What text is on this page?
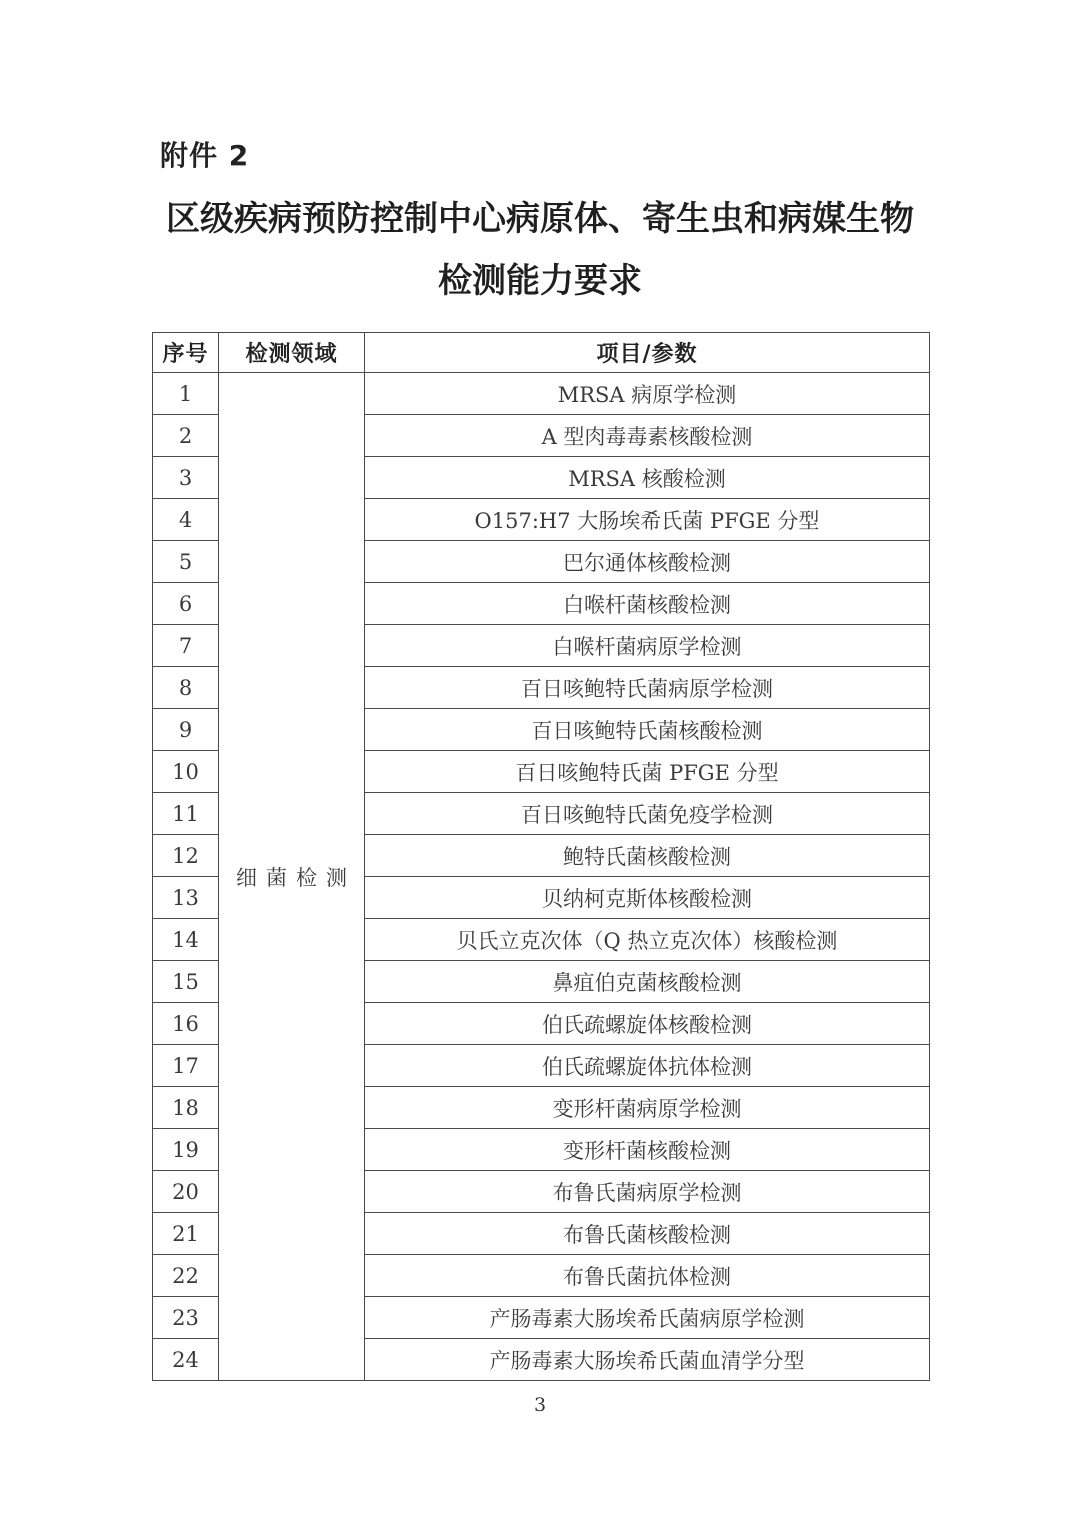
附件 2
区级疾病预防控制中心病原体、寄生虫和病媒生物
检测能力要求
序号	检测领域	项目/参数
1	细菌检测	MRSA 病原学检测
2		A 型肉毒毒素核酸检测
3		MRSA 核酸检测
4		O157:H7 大肠埃希氏菌 PFGE 分型
5		巴尔通体核酸检测
6		白喉杆菌核酸检测
7		白喉杆菌病原学检测
8		百日咳鲍特氏菌病原学检测
9		百日咳鲍特氏菌核酸检测
10		百日咳鲍特氏菌 PFGE 分型
11		百日咳鲍特氏菌免疫学检测
12		鲍特氏菌核酸检测
13		贝纳柯克斯体核酸检测
14		贝氏立克次体（Q 热立克次体）核酸检测
15		鼻疽伯克菌核酸检测
16		伯氏疏螺旋体核酸检测
17		伯氏疏螺旋体抗体检测
18		变形杆菌病原学检测
19		变形杆菌核酸检测
20		布鲁氏菌病原学检测
21		布鲁氏菌核酸检测
22		布鲁氏菌抗体检测
23		产肠毒素大肠埃希氏菌病原学检测
24		产肠毒素大肠埃希氏菌血清学分型
3
